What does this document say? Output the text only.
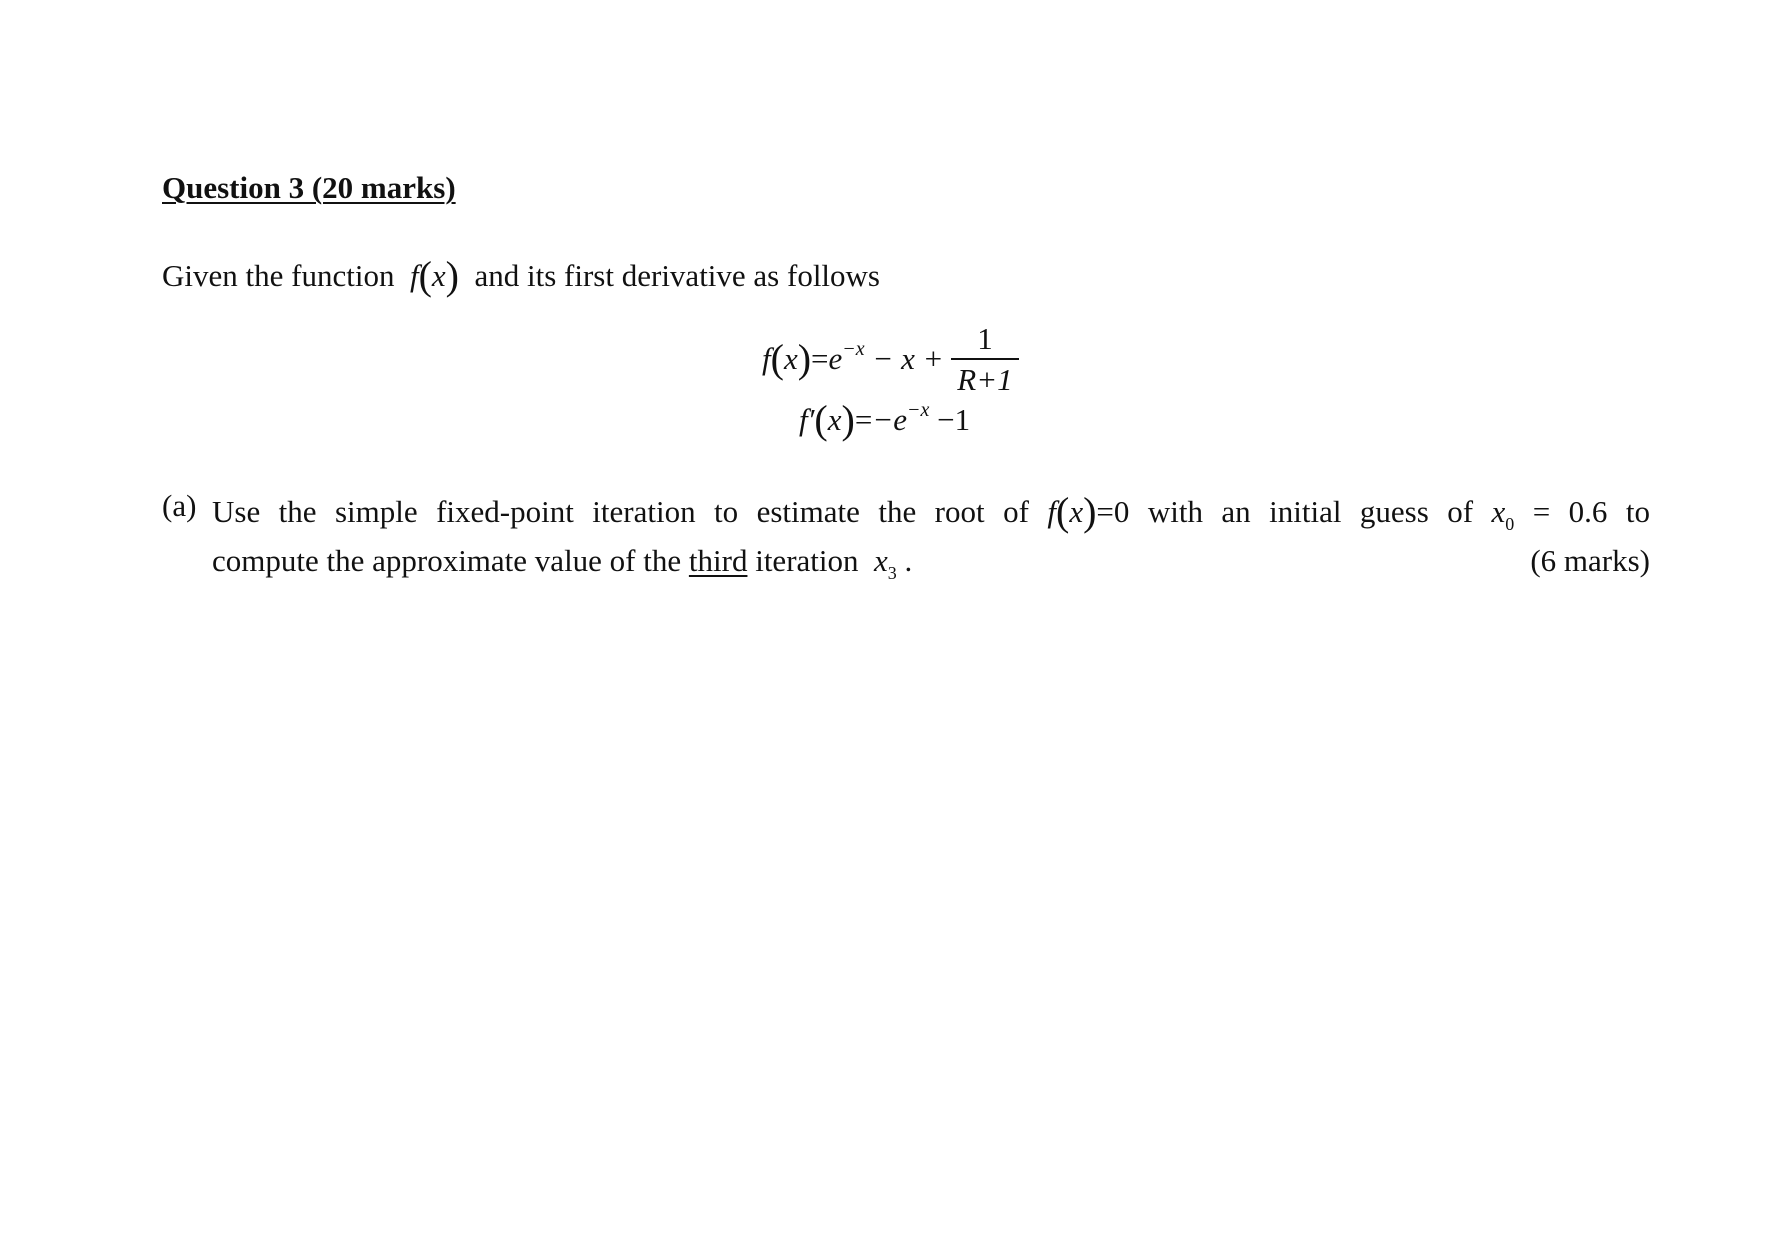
Question 3 (20 marks)
Given the function f(x) and its first derivative as follows
$f(x)=e^{-x} - x + \frac{1}{R+1}$
$f'(x)=-e^{-x} -1$
(a) Use the simple fixed-point iteration to estimate the root of f(x)=0 with an initial guess of $x_0 = 0.6$ to
compute the approximate value of the third iteration $x_3$ .	(6 marks)
